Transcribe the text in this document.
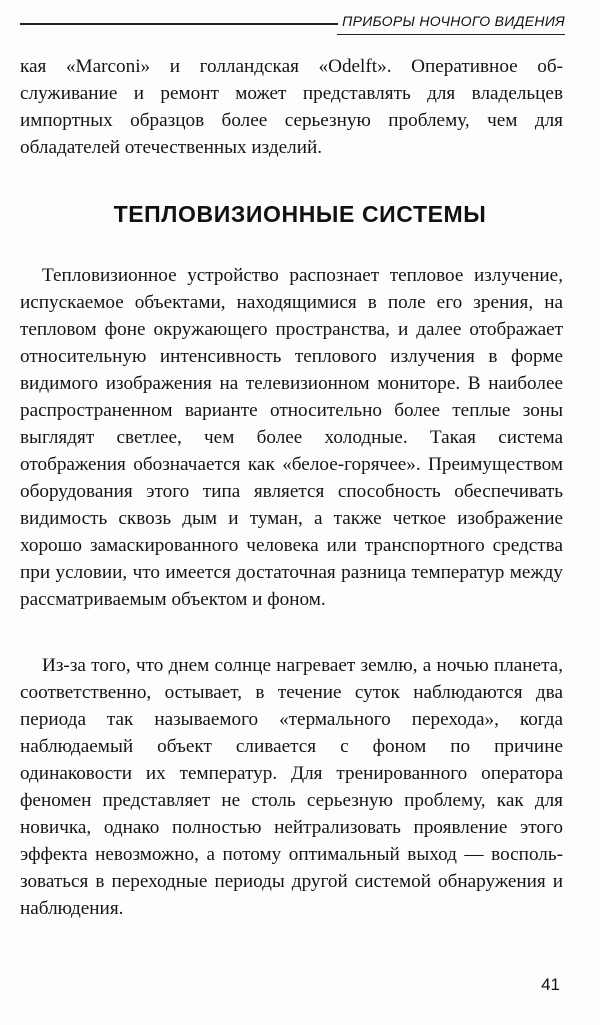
ПРИБОРЫ НОЧНОГО ВИДЕНИЯ
кая «Marconi» и голландская «Odelft». Оперативное обслуживание и ремонт может представлять для владельцев импортных образцов более серьезную проблему, чем для обладателей отечественных изделий.
ТЕПЛОВИЗИОННЫЕ СИСТЕМЫ
Тепловизионное устройство распознает тепловое излучение, испускаемое объектами, находящимися в поле его зрения, на тепловом фоне окружающего пространства, и далее отображает относительную интенсивность теплового излучения в форме видимого изображения на телевизионном мониторе. В наиболее распространенном варианте относительно более теплые зоны выглядят светлее, чем более холодные. Такая система отображения обозначается как «белое-горячее». Преимуществом оборудования этого типа является способность обеспечивать видимость сквозь дым и туман, а также четкое изображение хорошо замаскированного человека или транспортного средства при условии, что имеется достаточная разница температур между рассматриваемым объектом и фоном.
Из-за того, что днем солнце нагревает землю, а ночью планета, соответственно, остывает, в течение суток наблюдаются два периода так называемого «термального перехода», когда наблюдаемый объект сливается с фоном по причине одинаковости их температур. Для тренированного оператора феномен представляет не столь серьезную проблему, как для новичка, однако полностью нейтрализовать проявление этого эффекта невозможно, а потому оптимальный выход — воспользоваться в переходные периоды другой системой обнаружения и наблюдения.
41
